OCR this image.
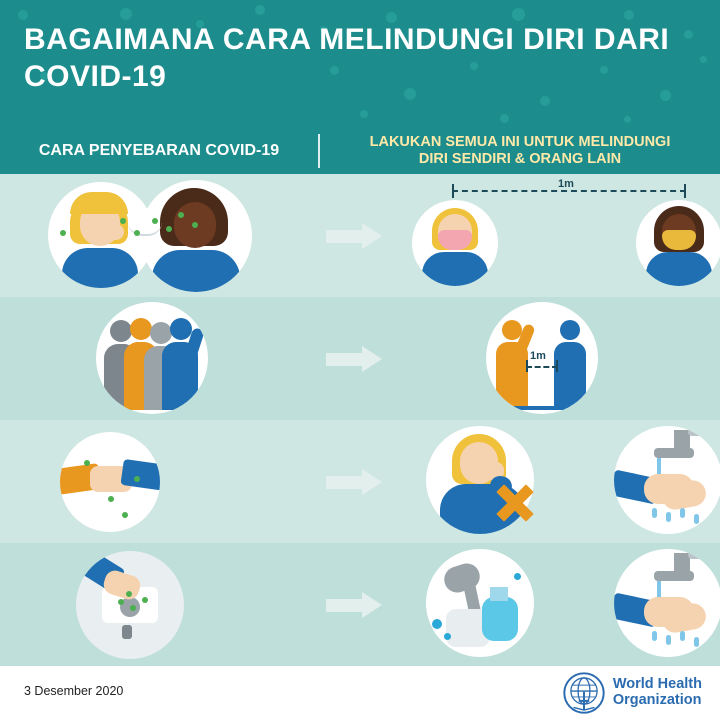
BAGAIMANA CARA MELINDUNGI DIRI DARI COVID-19
CARA PENYEBARAN COVID-19	LAKUKAN SEMUA INI UNTUK MELINDUNGI
DIRI SENDIRI & ORANG LAIN
1m
1m
3 Desember 2020	World Health
Organization
